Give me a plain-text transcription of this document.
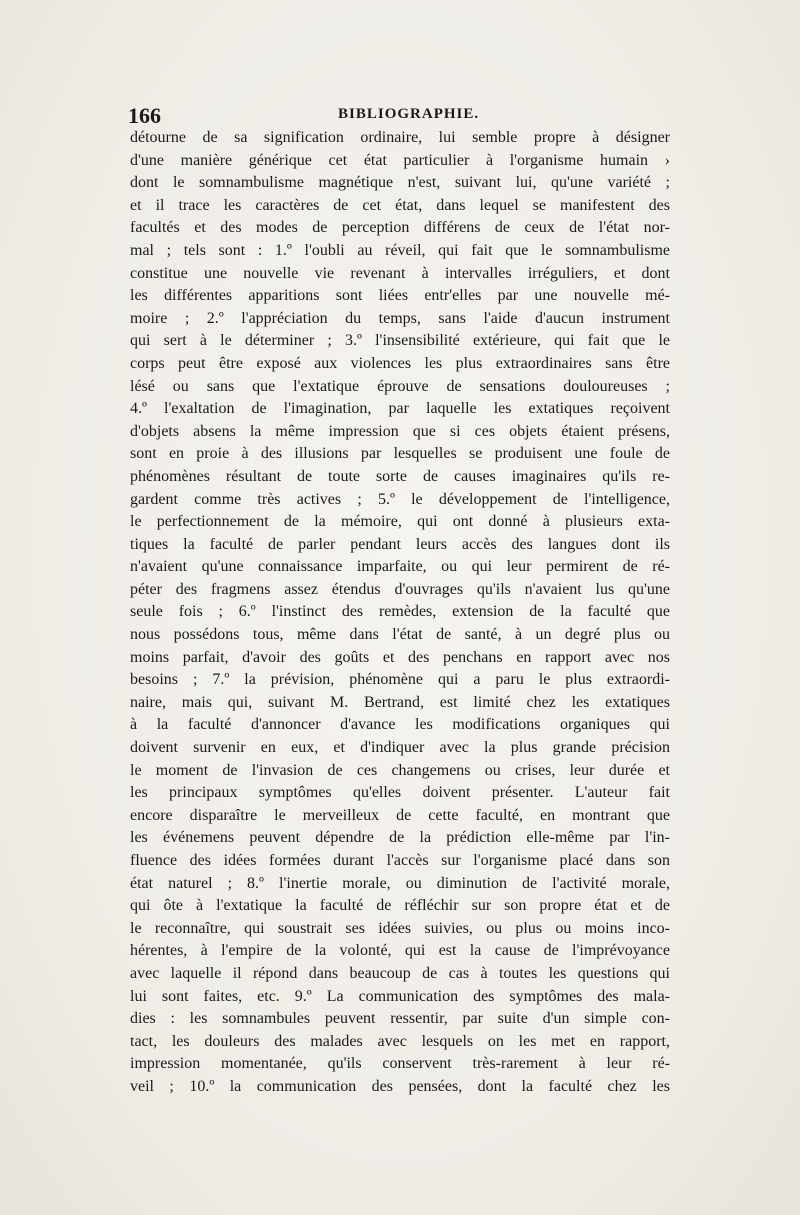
166	BIBLIOGRAPHIE.
détourne de sa signification ordinaire, lui semble propre à désigner
d'une manière générique cet état particulier à l'organisme humain ›
dont le somnambulisme magnétique n'est, suivant lui, qu'une variété ;
et il trace les caractères de cet état, dans lequel se manifestent des
facultés et des modes de perception différens de ceux de l'état nor-
mal ; tels sont : 1.º l'oubli au réveil, qui fait que le somnambulisme
constitue une nouvelle vie revenant à intervalles irréguliers, et dont
les différentes apparitions sont liées entr'elles par une nouvelle mé-
moire ; 2.º l'appréciation du temps, sans l'aide d'aucun instrument
qui sert à le déterminer ; 3.º l'insensibilité extérieure, qui fait que le
corps peut être exposé aux violences les plus extraordinaires sans être
lésé ou sans que l'extatique éprouve de sensations douloureuses ;
4.º l'exaltation de l'imagination, par laquelle les extatiques reçoivent
d'objets absens la même impression que si ces objets étaient présens,
sont en proie à des illusions par lesquelles se produisent une foule de
phénomènes résultant de toute sorte de causes imaginaires qu'ils re-
gardent comme très actives ; 5.º le développement de l'intelligence,
le perfectionnement de la mémoire, qui ont donné à plusieurs exta-
tiques la faculté de parler pendant leurs accès des langues dont ils
n'avaient qu'une connaissance imparfaite, ou qui leur permirent de ré-
péter des fragmens assez étendus d'ouvrages qu'ils n'avaient lus qu'une
seule fois ; 6.º l'instinct des remèdes, extension de la faculté que
nous possédons tous, même dans l'état de santé, à un degré plus ou
moins parfait, d'avoir des goûts et des penchans en rapport avec nos
besoins ; 7.º la prévision, phénomène qui a paru le plus extraordi-
naire, mais qui, suivant M. Bertrand, est limité chez les extatiques
à la faculté d'annoncer d'avance les modifications organiques qui
doivent survenir en eux, et d'indiquer avec la plus grande précision
le moment de l'invasion de ces changemens ou crises, leur durée et
les principaux symptômes qu'elles doivent présenter. L'auteur fait
encore disparaître le merveilleux de cette faculté, en montrant que
les événemens peuvent dépendre de la prédiction elle-même par l'in-
fluence des idées formées durant l'accès sur l'organisme placé dans son
état naturel ; 8.º l'inertie morale, ou diminution de l'activité morale,
qui ôte à l'extatique la faculté de réfléchir sur son propre état et de
le reconnaître, qui soustrait ses idées suivies, ou plus ou moins inco-
hérentes, à l'empire de la volonté, qui est la cause de l'imprévoyance
avec laquelle il répond dans beaucoup de cas à toutes les questions qui
lui sont faites, etc. 9.º La communication des symptômes des mala-
dies : les somnambules peuvent ressentir, par suite d'un simple con-
tact, les douleurs des malades avec lesquels on les met en rapport,
impression momentanée, qu'ils conservent très-rarement à leur ré-
veil ; 10.º la communication des pensées, dont la faculté chez les
